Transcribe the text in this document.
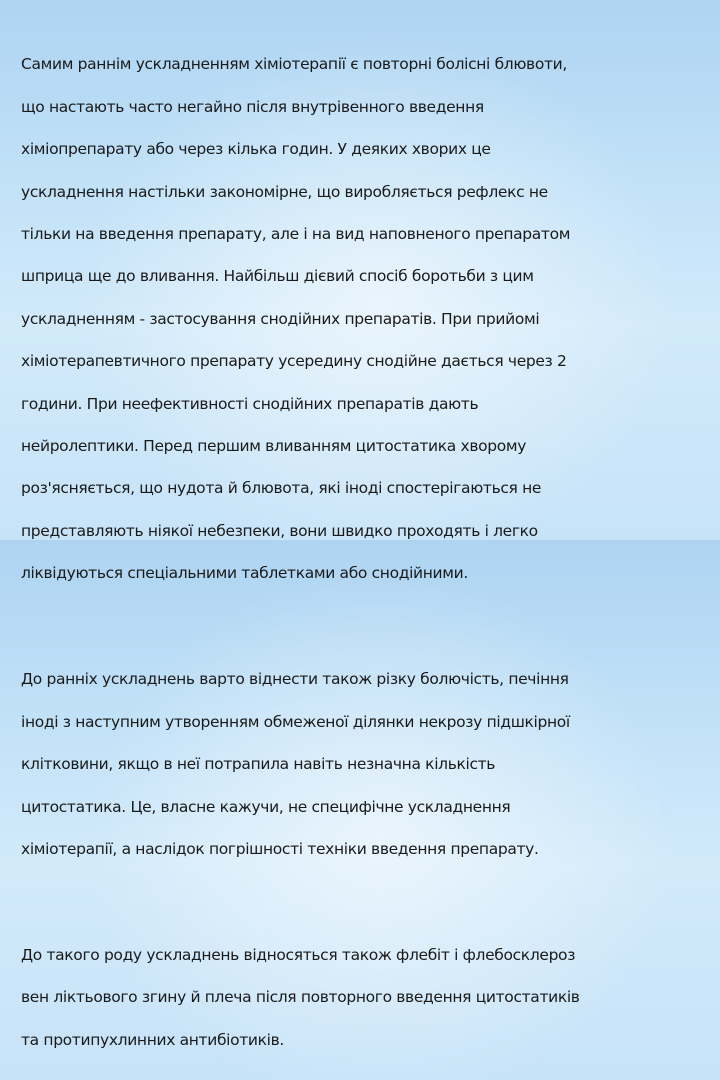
Самим раннім ускладненням хіміотерапії є повторні болісні блювоти,

що настають часто негайно після внутрівенного введення

хіміопрепарату або через кілька годин. У деяких хворих це

ускладнення настільки закономірне, що виробляється рефлекс не

тільки на введення препарату, але і на вид наповненого препаратом

шприца ще до вливання. Найбільш дієвий спосіб боротьби з цим

ускладненням - застосування снодійних препаратів. При прийомі

хіміотерапевтичного препарату усередину снодійне дається через 2

години. При неефективності снодійних препаратів дають

нейролептики. Перед першим вливанням цитостатика хворому

роз'ясняється, що нудота й блювота, які іноді спостерігаються не

представляють ніякої небезпеки, вони швидко проходять і легко

ліквідуються спеціальними таблетками або снодійними.

До ранніх ускладнень варто віднести також різку болючість, печіння

іноді з наступним утворенням обмеженої ділянки некрозу підшкірної

клітковини, якщо в неї потрапила навіть незначна кількість

цитостатика. Це, власне кажучи, не специфічне ускладнення

хіміотерапії, а наслідок погрішності техніки введення препарату.

До такого роду ускладнень відносяться також флебіт і флебосклероз

вен ліктьового згину й плеча після повторного введення цитостатиків

та протипухлинних антибіотиків.
